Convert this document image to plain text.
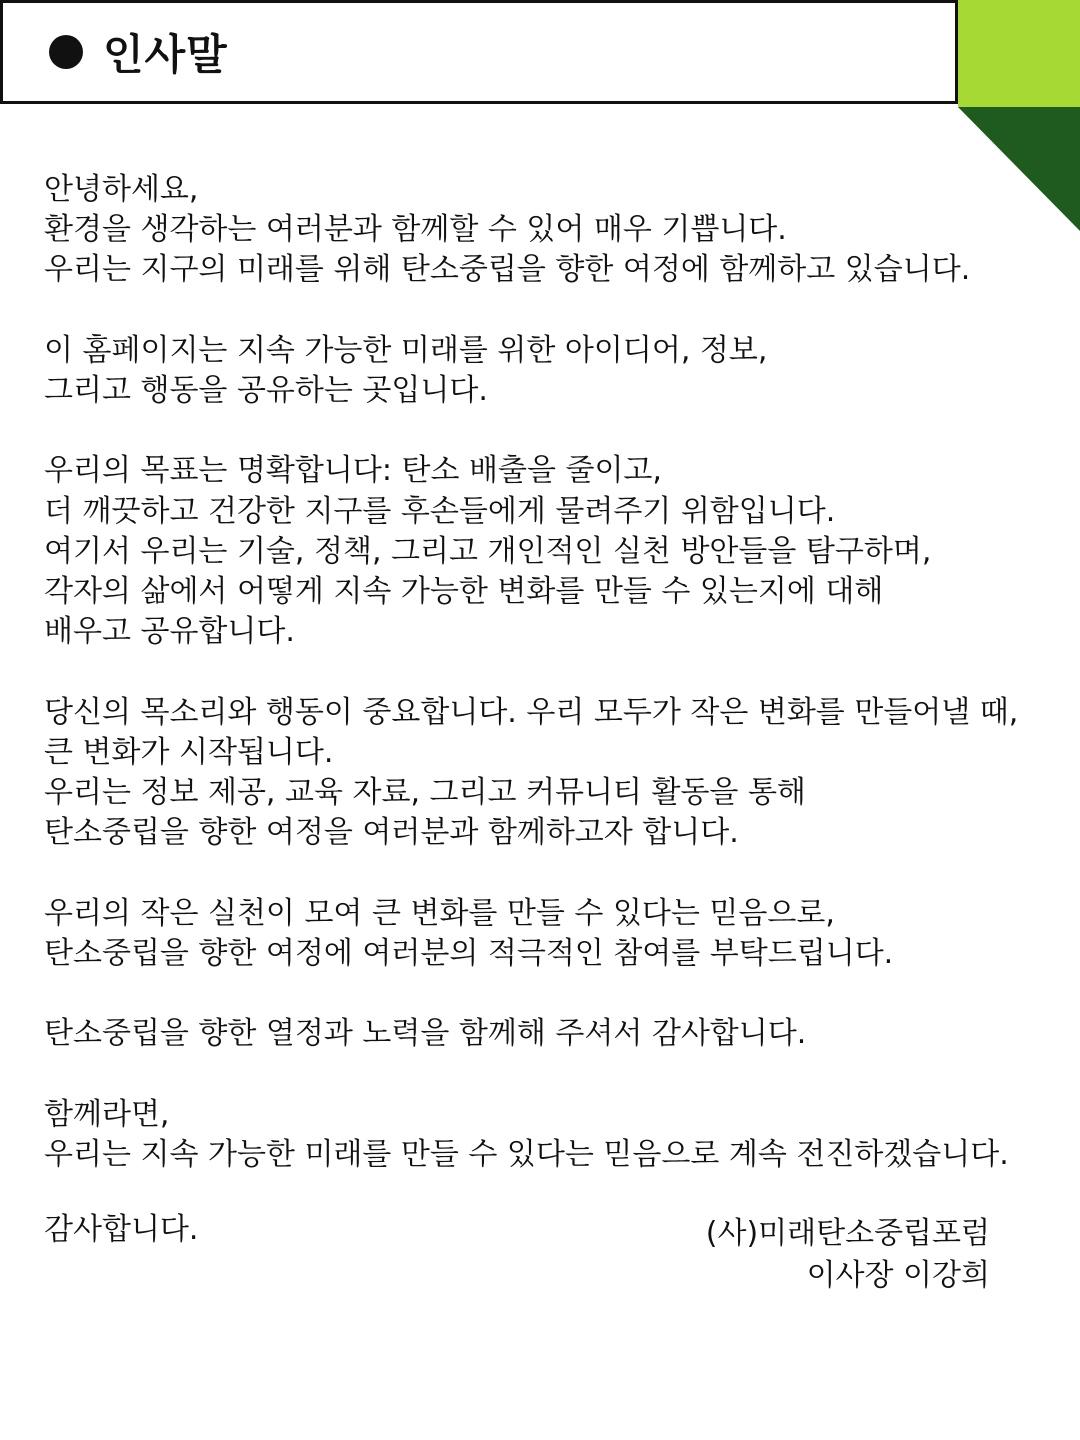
인사말
안녕하세요,
환경을 생각하는 여러분과 함께할 수 있어 매우 기쁩니다.
우리는 지구의 미래를 위해 탄소중립을 향한 여정에 함께하고 있습니다.
이 홈페이지는 지속 가능한 미래를 위한 아이디어, 정보,
그리고 행동을 공유하는 곳입니다.
우리의 목표는 명확합니다: 탄소 배출을 줄이고,
더 깨끗하고 건강한 지구를 후손들에게 물려주기 위함입니다.
여기서 우리는 기술, 정책, 그리고 개인적인 실천 방안들을 탐구하며,
각자의 삶에서 어떻게 지속 가능한 변화를 만들 수 있는지에 대해
배우고 공유합니다.
당신의 목소리와 행동이 중요합니다. 우리 모두가 작은 변화를 만들어낼 때,
큰 변화가 시작됩니다.
우리는 정보 제공, 교육 자료, 그리고 커뮤니티 활동을 통해
탄소중립을 향한 여정을 여러분과 함께하고자 합니다.
우리의 작은 실천이 모여 큰 변화를 만들 수 있다는 믿음으로,
탄소중립을 향한 여정에 여러분의 적극적인 참여를 부탁드립니다.
탄소중립을 향한 열정과 노력을 함께해 주셔서 감사합니다.
함께라면,
우리는 지속 가능한 미래를 만들 수 있다는 믿음으로 계속 전진하겠습니다.
감사합니다.	(사)미래탄소중립포럼
이사장 이강희
